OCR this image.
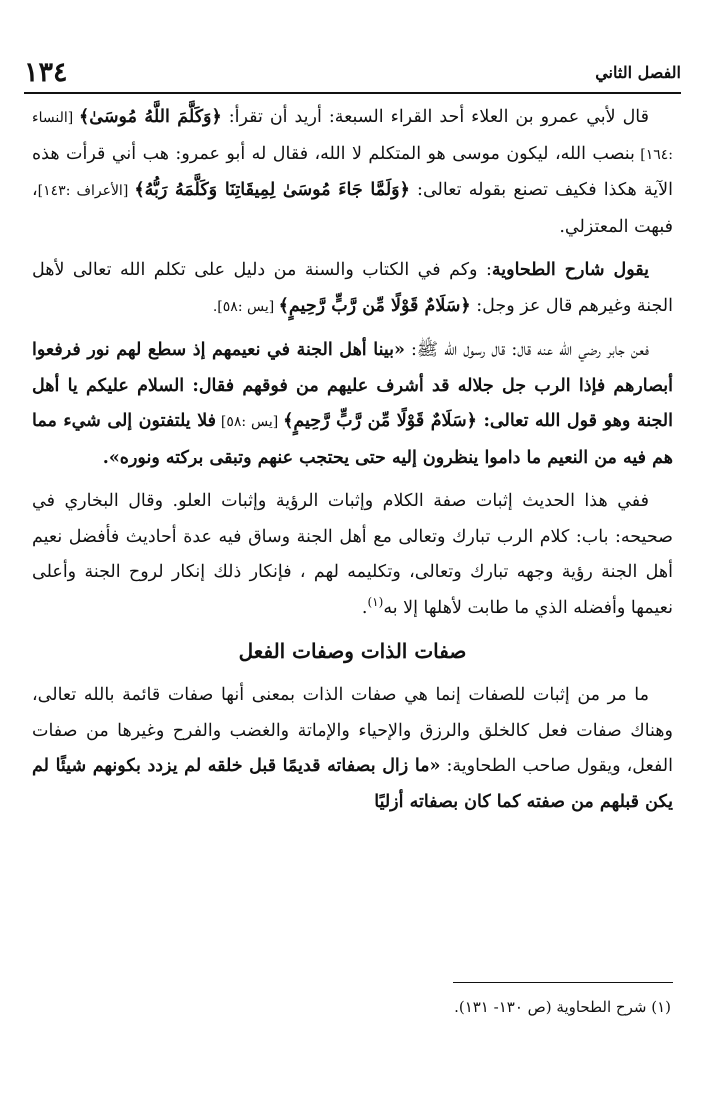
الفصل الثاني
١٣٤

قال لأبي عمرو بن العلاء أحد القراء السبعة: أريد أن تقرأ: ﴿وَكَلَّمَ اللَّهُ مُوسَىٰ﴾ [النساء :١٦٤] بنصب الله، ليكون موسى هو المتكلم لا الله، فقال له أبو عمرو: هب أني قرأت هذه الآية هكذا فكيف تصنع بقوله تعالى: ﴿وَلَمَّا جَاءَ مُوسَىٰ لِمِيقَاتِنَا وَكَلَّمَهُ رَبُّهُ﴾ [الأعراف :١٤٣]، فبهت المعتزلي.

يقول شارح الطحاوية: وكم في الكتاب والسنة من دليل على تكلم الله تعالى لأهل الجنة وغيرهم قال عز وجل: ﴿سَلَامٌ قَوْلًا مِّن رَّبٍّ رَّحِيمٍ﴾ [يس :٥٨].

فعن جابر رضي الله عنه قال: قال رسول الله ﷺ: «بينا أهل الجنة في نعيمهم إذ سطع لهم نور فرفعوا أبصارهم فإذا الرب جل جلاله قد أشرف عليهم من فوقهم فقال: السلام عليكم يا أهل الجنة وهو قول الله تعالى: ﴿سَلَامٌ قَوْلًا مِّن رَّبٍّ رَّحِيمٍ﴾ [يس :٥٨] فلا يلتفتون إلى شيء مما هم فيه من النعيم ما داموا ينظرون إليه حتى يحتجب عنهم وتبقى بركته ونوره».

ففي هذا الحديث إثبات صفة الكلام وإثبات الرؤية وإثبات العلو. وقال البخاري في صحيحه: باب: كلام الرب تبارك وتعالى مع أهل الجنة وساق فيه عدة أحاديث فأفضل نعيم أهل الجنة رؤية وجهه تبارك وتعالى، وتكليمه لهم ، فإنكار ذلك إنكار لروح الجنة وأعلى نعيمها وأفضله الذي ما طابت لأهلها إلا به$^{(١)}$.

صفات الذات وصفات الفعل

ما مر من إثبات للصفات إنما هي صفات الذات بمعنى أنها صفات قائمة بالله تعالى، وهناك صفات فعل كالخلق والرزق والإحياء والإماتة والغضب والفرح وغيرها من صفات الفعل، ويقول صاحب الطحاوية: «ما زال بصفاته قديمًا قبل خلقه لم يزدد بكونهم شيئًا لم يكن قبلهم من صفته كما كان بصفاته أزليًا

(١) شرح الطحاوية (ص ١٣٠- ١٣١).
